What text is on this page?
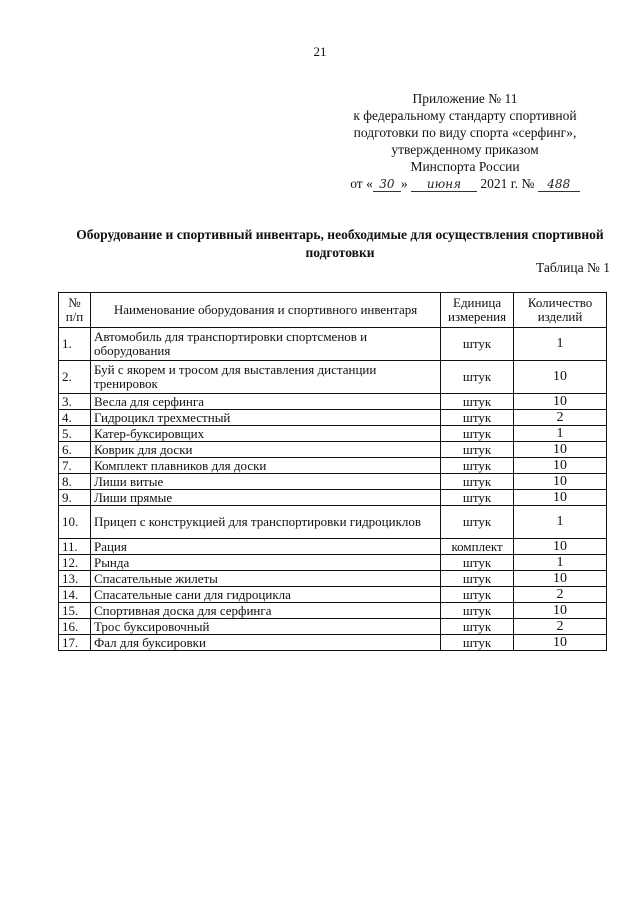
21
Приложение № 11
к федеральному стандарту спортивной
подготовки по виду спорта «серфинг»,
утвержденному приказом
Минспорта России
от « 30 » июня 2021 г. № 488
Оборудование и спортивный инвентарь, необходимые для осуществления спортивной подготовки
Таблица № 1
№ п/п	Наименование оборудования и спортивного инвентаря	Единица измерения	Количество изделий
1.	Автомобиль для транспортировки спортсменов и оборудования	штук	1
2.	Буй с якорем и тросом для выставления дистанции тренировок	штук	10
3.	Весла для серфинга	штук	10
4.	Гидроцикл трехместный	штук	2
5.	Катер-буксировщих	штук	1
6.	Коврик для доски	штук	10
7.	Комплект плавников для доски	штук	10
8.	Лиши витые	штук	10
9.	Лиши прямые	штук	10
10.	Прицеп с конструкцией для транспортировки гидроциклов	штук	1
11.	Рация	комплект	10
12.	Рында	штук	1
13.	Спасательные жилеты	штук	10
14.	Спасательные сани для гидроцикла	штук	2
15.	Спортивная доска для серфинга	штук	10
16.	Трос буксировочный	штук	2
17.	Фал для буксировки	штук	10
